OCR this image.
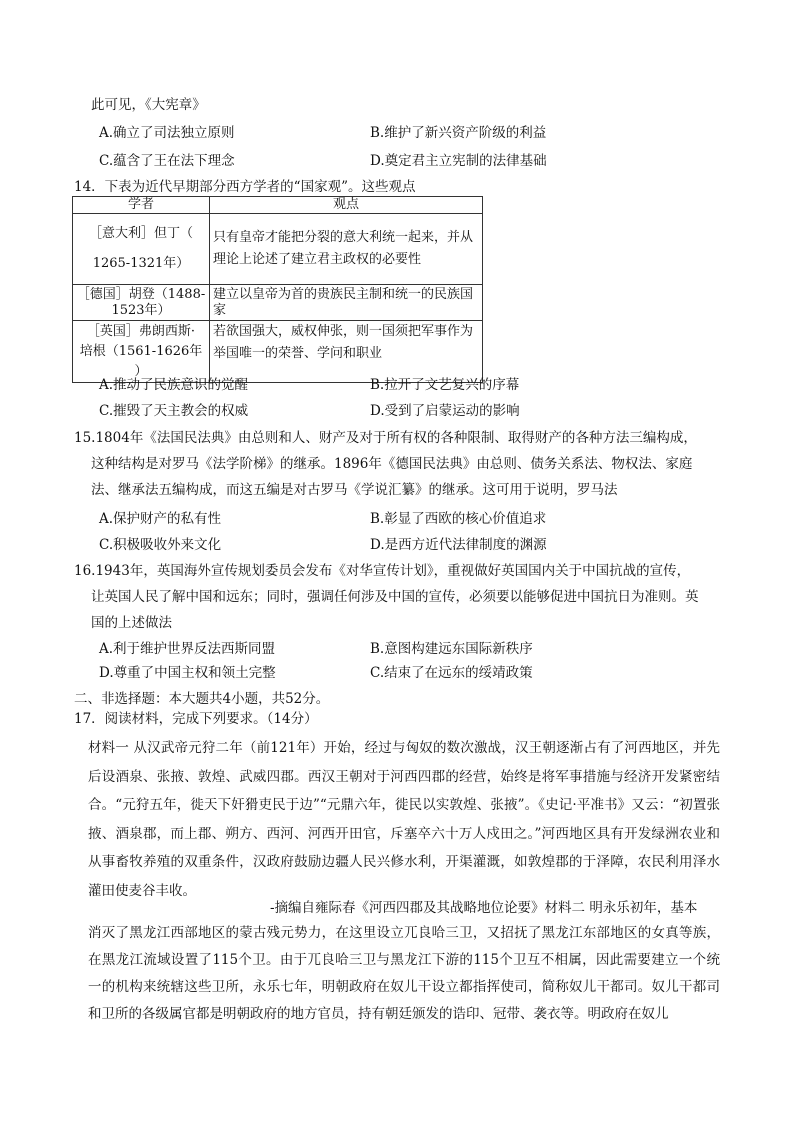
此可见，《大宪章》
A.确立了司法独立原则	B.维护了新兴资产阶级的利益
C.蕴含了王在法下理念	D.奠定君主立宪制的法律基础
14．下表为近代早期部分西方学者的“国家观”。这些观点
学者	观点

［意大利］但丁（
1265-1321年）	只有皇帝才能把分裂的意大利统一起来，并从理论上论述了建立君主政权的必要性

［德国］胡登（1488-
1523年）	建立以皇帝为首的贵族民主制和统一的民族国家

［英国］弗朗西斯·
培根（1561-1626年
）	若欲国强大，威权伸张，则一国须把军事作为举国唯一的荣誉、学问和职业
A.推动了民族意识的觉醒	B.拉开了文艺复兴的序幕
C.摧毁了天主教会的权威	D.受到了启蒙运动的影响
15.1804年《法国民法典》由总则和人、财产及对于所有权的各种限制、取得财产的各种方法三编构成，
这种结构是对罗马《法学阶梯》的继承。1896年《德国民法典》由总则、债务关系法、物权法、家庭
法、继承法五编构成，而这五编是对古罗马《学说汇纂》的继承。这可用于说明，罗马法
A.保护财产的私有性	B.彰显了西欧的核心价值追求
C.积极吸收外来文化	D.是西方近代法律制度的渊源
16.1943年，英国海外宣传规划委员会发布《对华宣传计划》，重视做好英国国内关于中国抗战的宣传，
让英国人民了解中国和远东；同时，强调任何涉及中国的宣传，必须要以能够促进中国抗日为准则。英
国的上述做法
A.利于维护世界反法西斯同盟	B.意图构建远东国际新秩序
D.尊重了中国主权和领土完整	C.结束了在远东的绥靖政策
二、非选择题：本大题共4小题，共52分。
17．阅读材料，完成下列要求。（14分）
材料一 从汉武帝元狩二年（前121年）开始，经过与匈奴的数次激战，汉王朝逐渐占有了河西地区，并先后设酒泉、张掖、敦煌、武威四郡。西汉王朝对于河西四郡的经营，始终是将军事措施与经济开发紧密结合。“元狩五年，徙天下奸猾吏民于边”“元鼎六年，徙民以实敦煌、张掖”。《史记·平准书》又云：“初置张掖、酒泉郡，而上郡、朔方、西河、河西开田官，斥塞卒六十万人戍田之。”河西地区具有开发绿洲农业和从事畜牧养殖的双重条件，汉政府鼓励边疆人民兴修水利，开渠灌溉，如敦煌郡的于泽障，农民利用泽水灌田使麦谷丰收。
-摘编自雍际春《河西四郡及其战略地位论要》材料二 明永乐初年，基本
消灭了黑龙江西部地区的蒙古残元势力，在这里设立兀良哈三卫，又招抚了黑龙江东部地区的女真等族，在黑龙江流域设置了115个卫。由于兀良哈三卫与黑龙江下游的115个卫互不相属，因此需要建立一个统一的机构来统辖这些卫所，永乐七年，明朝政府在奴儿干设立都指挥使司，简称奴儿干都司。奴儿干都司和卫所的各级属官都是明朝政府的地方官员，持有朝廷颁发的诰印、冠带、袭衣等。明政府在奴儿
